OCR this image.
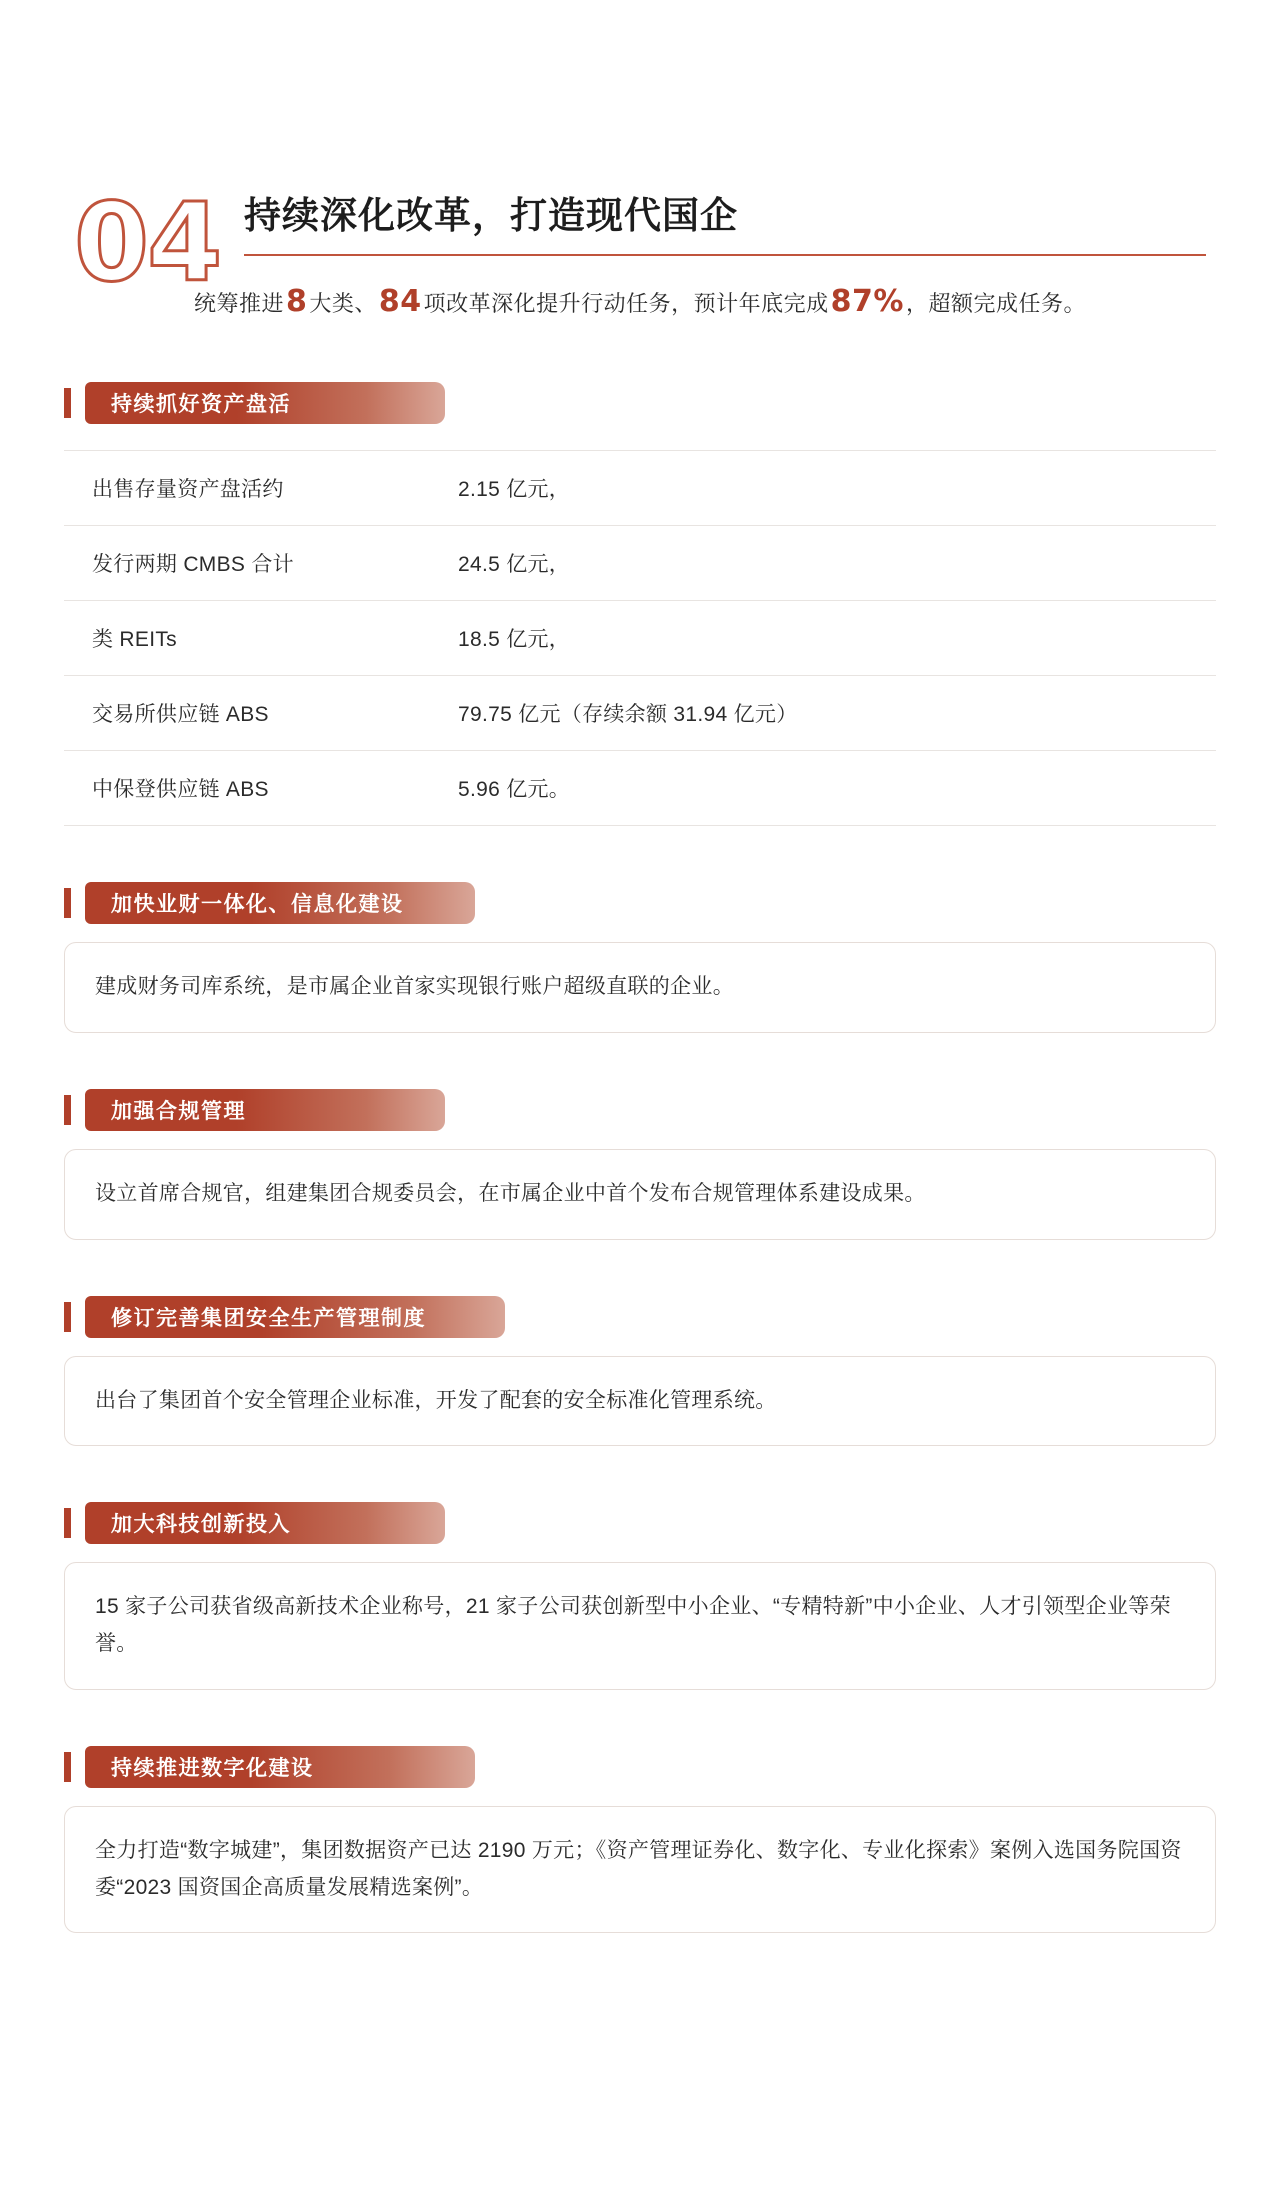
04 持续深化改革，打造现代国企
统筹推进8大类、84项改革深化提升行动任务，预计年底完成87%，超额完成任务。
持续抓好资产盘活
出售存量资产盘活约	2.15 亿元，
发行两期 CMBS 合计	24.5 亿元，
类 REITs	18.5 亿元，
交易所供应链 ABS	79.75 亿元（存续余额 31.94 亿元）
中保登供应链 ABS	5.96 亿元。
加快业财一体化、信息化建设
建成财务司库系统，是市属企业首家实现银行账户超级直联的企业。
加强合规管理
设立首席合规官，组建集团合规委员会，在市属企业中首个发布合规管理体系建设成果。
修订完善集团安全生产管理制度
出台了集团首个安全管理企业标准，开发了配套的安全标准化管理系统。
加大科技创新投入
15 家子公司获省级高新技术企业称号，21 家子公司获创新型中小企业、“专精特新”中小企业、人才引领型企业等荣誉。
持续推进数字化建设
全力打造“数字城建”，集团数据资产已达 2190 万元；《资产管理证券化、数字化、专业化探索》案例入选国务院国资委“2023 国资国企高质量发展精选案例”。
